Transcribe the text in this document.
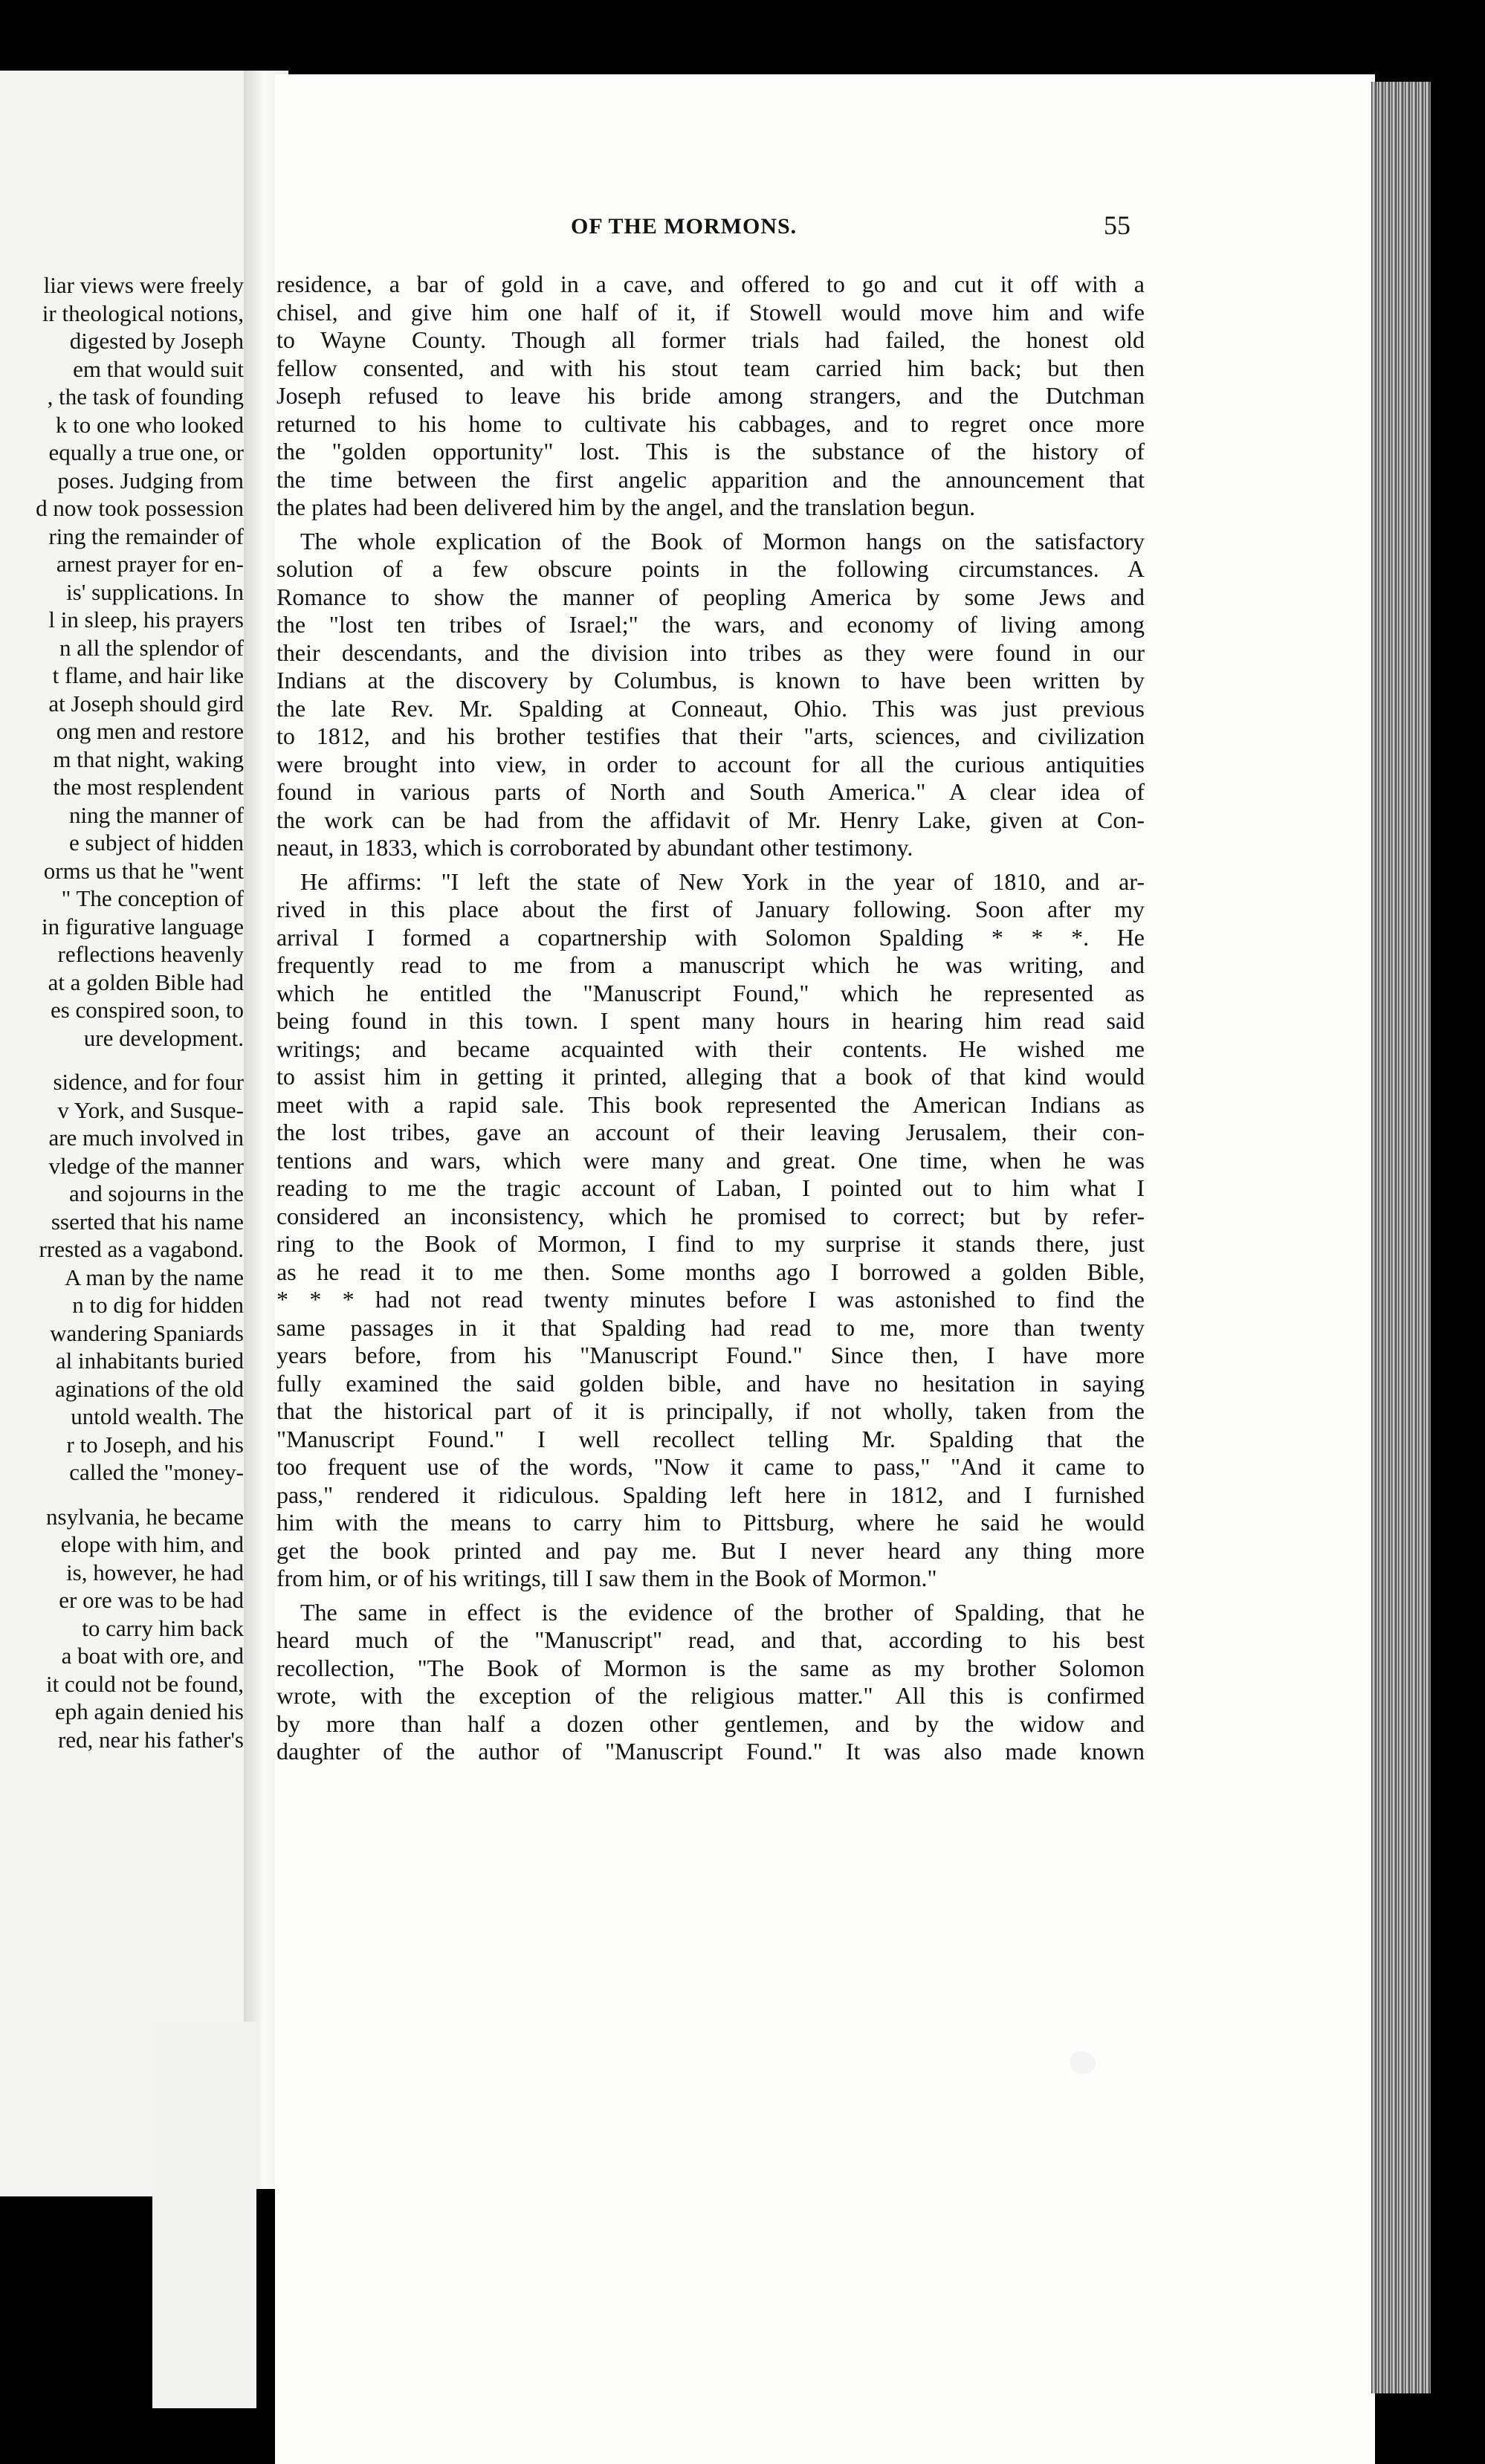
liar views were freely
ir theological notions,
digested by Joseph
em that would suit
, the task of founding
k to one who looked
equally a true one, or
poses. Judging from
d now took possession
ring the remainder of
arnest prayer for en-
is' supplications. In
l in sleep, his prayers
n all the splendor of
t flame, and hair like
at Joseph should gird
ong men and restore
m that night, waking
the most resplendent
ning the manner of
e subject of hidden
orms us that he "went
" The conception of
in figurative language
reflections heavenly
at a golden Bible had
es conspired soon, to
ure development.
sidence, and for four
v York, and Susque-
are much involved in
vledge of the manner
and sojourns in the
sserted that his name
rrested as a vagabond.
A man by the name
n to dig for hidden
wandering Spaniards
al inhabitants buried
aginations of the old
untold wealth. The
r to Joseph, and his
called the "money-
nsylvania, he became
elope with him, and
is, however, he had
er ore was to be had
to carry him back
a boat with ore, and
it could not be found,
eph again denied his
red, near his father's
OF THE MORMONS.	55
residence, a bar of gold in a cave, and offered to go and cut it off with a
chisel, and give him one half of it, if Stowell would move him and wife
to Wayne County. Though all former trials had failed, the honest old
fellow consented, and with his stout team carried him back; but then
Joseph refused to leave his bride among strangers, and the Dutchman
returned to his home to cultivate his cabbages, and to regret once more
the "golden opportunity" lost. This is the substance of the history of
the time between the first angelic apparition and the announcement that
the plates had been delivered him by the angel, and the translation begun.
The whole explication of the Book of Mormon hangs on the satisfactory
solution of a few obscure points in the following circumstances. A
Romance to show the manner of peopling America by some Jews and
the "lost ten tribes of Israel;" the wars, and economy of living among
their descendants, and the division into tribes as they were found in our
Indians at the discovery by Columbus, is known to have been written by
the late Rev. Mr. Spalding at Conneaut, Ohio. This was just previous
to 1812, and his brother testifies that their "arts, sciences, and civilization
were brought into view, in order to account for all the curious antiquities
found in various parts of North and South America." A clear idea of
the work can be had from the affidavit of Mr. Henry Lake, given at Con-
neaut, in 1833, which is corroborated by abundant other testimony.
He affirms: "I left the state of New York in the year of 1810, and ar-
rived in this place about the first of January following. Soon after my
arrival I formed a copartnership with Solomon Spalding * * *. He
frequently read to me from a manuscript which he was writing, and
which he entitled the "Manuscript Found," which he represented as
being found in this town. I spent many hours in hearing him read said
writings; and became acquainted with their contents. He wished me
to assist him in getting it printed, alleging that a book of that kind would
meet with a rapid sale. This book represented the American Indians as
the lost tribes, gave an account of their leaving Jerusalem, their con-
tentions and wars, which were many and great. One time, when he was
reading to me the tragic account of Laban, I pointed out to him what I
considered an inconsistency, which he promised to correct; but by refer-
ring to the Book of Mormon, I find to my surprise it stands there, just
as he read it to me then. Some months ago I borrowed a golden Bible,
* * * had not read twenty minutes before I was astonished to find the
same passages in it that Spalding had read to me, more than twenty
years before, from his "Manuscript Found." Since then, I have more
fully examined the said golden bible, and have no hesitation in saying
that the historical part of it is principally, if not wholly, taken from the
"Manuscript Found." I well recollect telling Mr. Spalding that the
too frequent use of the words, "Now it came to pass," "And it came to
pass," rendered it ridiculous. Spalding left here in 1812, and I furnished
him with the means to carry him to Pittsburg, where he said he would
get the book printed and pay me. But I never heard any thing more
from him, or of his writings, till I saw them in the Book of Mormon."
The same in effect is the evidence of the brother of Spalding, that he
heard much of the "Manuscript" read, and that, according to his best
recollection, "The Book of Mormon is the same as my brother Solomon
wrote, with the exception of the religious matter." All this is confirmed
by more than half a dozen other gentlemen, and by the widow and
daughter of the author of "Manuscript Found." It was also made known
